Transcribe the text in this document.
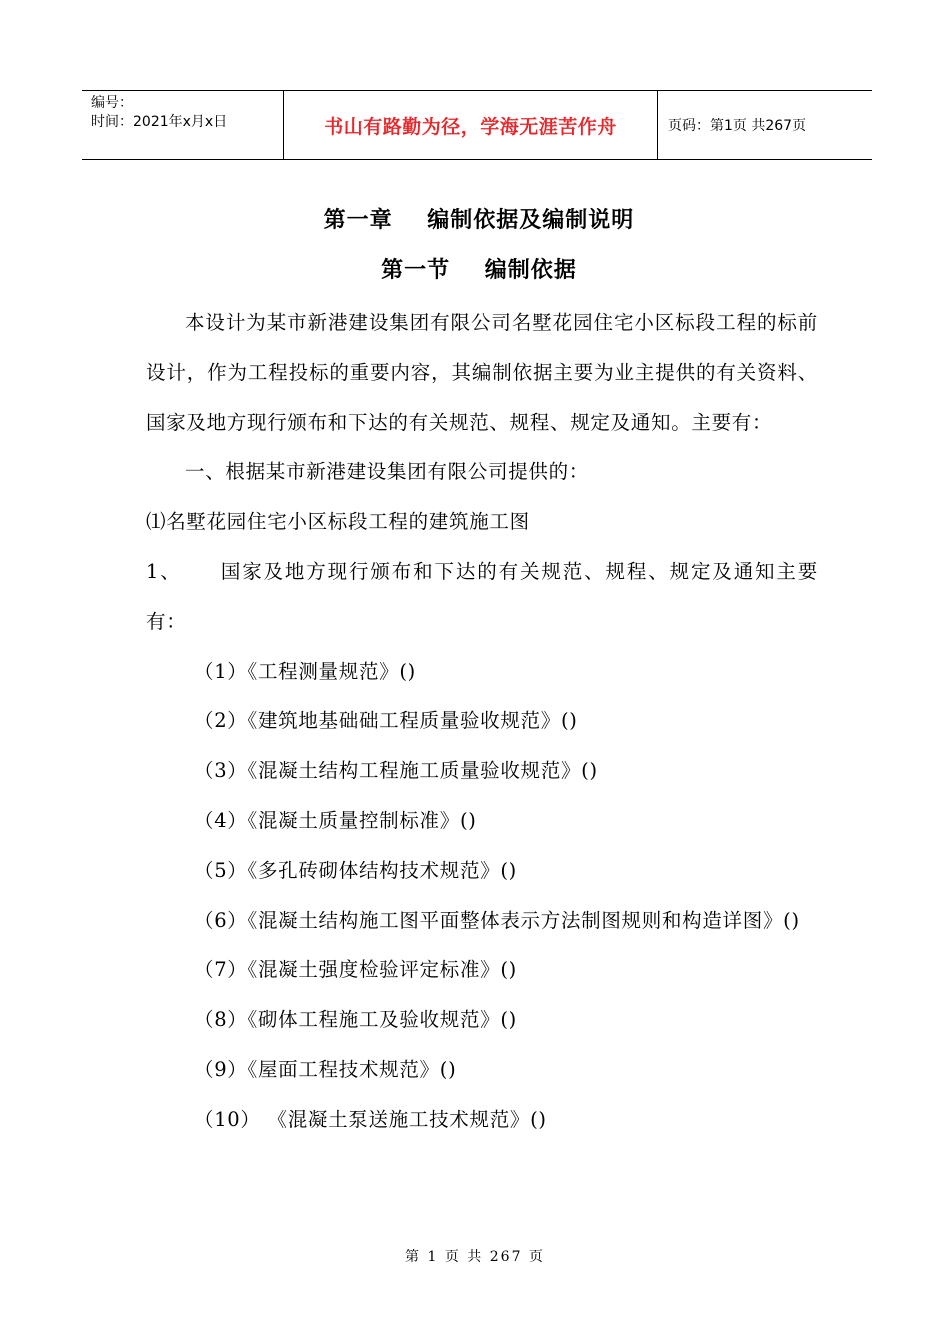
编号：
时间：2021年x月x日	书山有路勤为径，学海无涯苦作舟	页码：第1页 共267页
第一章    编制依据及编制说明
第一节    编制依据

本设计为某市新港建设集团有限公司名墅花园住宅小区标段工程的标前设计，作为工程投标的重要内容，其编制依据主要为业主提供的有关资料、国家及地方现行颁布和下达的有关规范、规程、规定及通知。主要有：

一、根据某市新港建设集团有限公司提供的：

⑴名墅花园住宅小区标段工程的建筑施工图

1、 国家及地方现行颁布和下达的有关规范、规程、规定及通知主要有：

（1）《工程测量规范》()

（2）《建筑地基础础工程质量验收规范》()

（3）《混凝土结构工程施工质量验收规范》()

（4）《混凝土质量控制标准》()

（5）《多孔砖砌体结构技术规范》()

（6）《混凝土结构施工图平面整体表示方法制图规则和构造详图》()

（7）《混凝土强度检验评定标准》()

（8）《砌体工程施工及验收规范》()

（9）《屋面工程技术规范》()

（10） 《混凝土泵送施工技术规范》()

第 1 页 共 267 页
